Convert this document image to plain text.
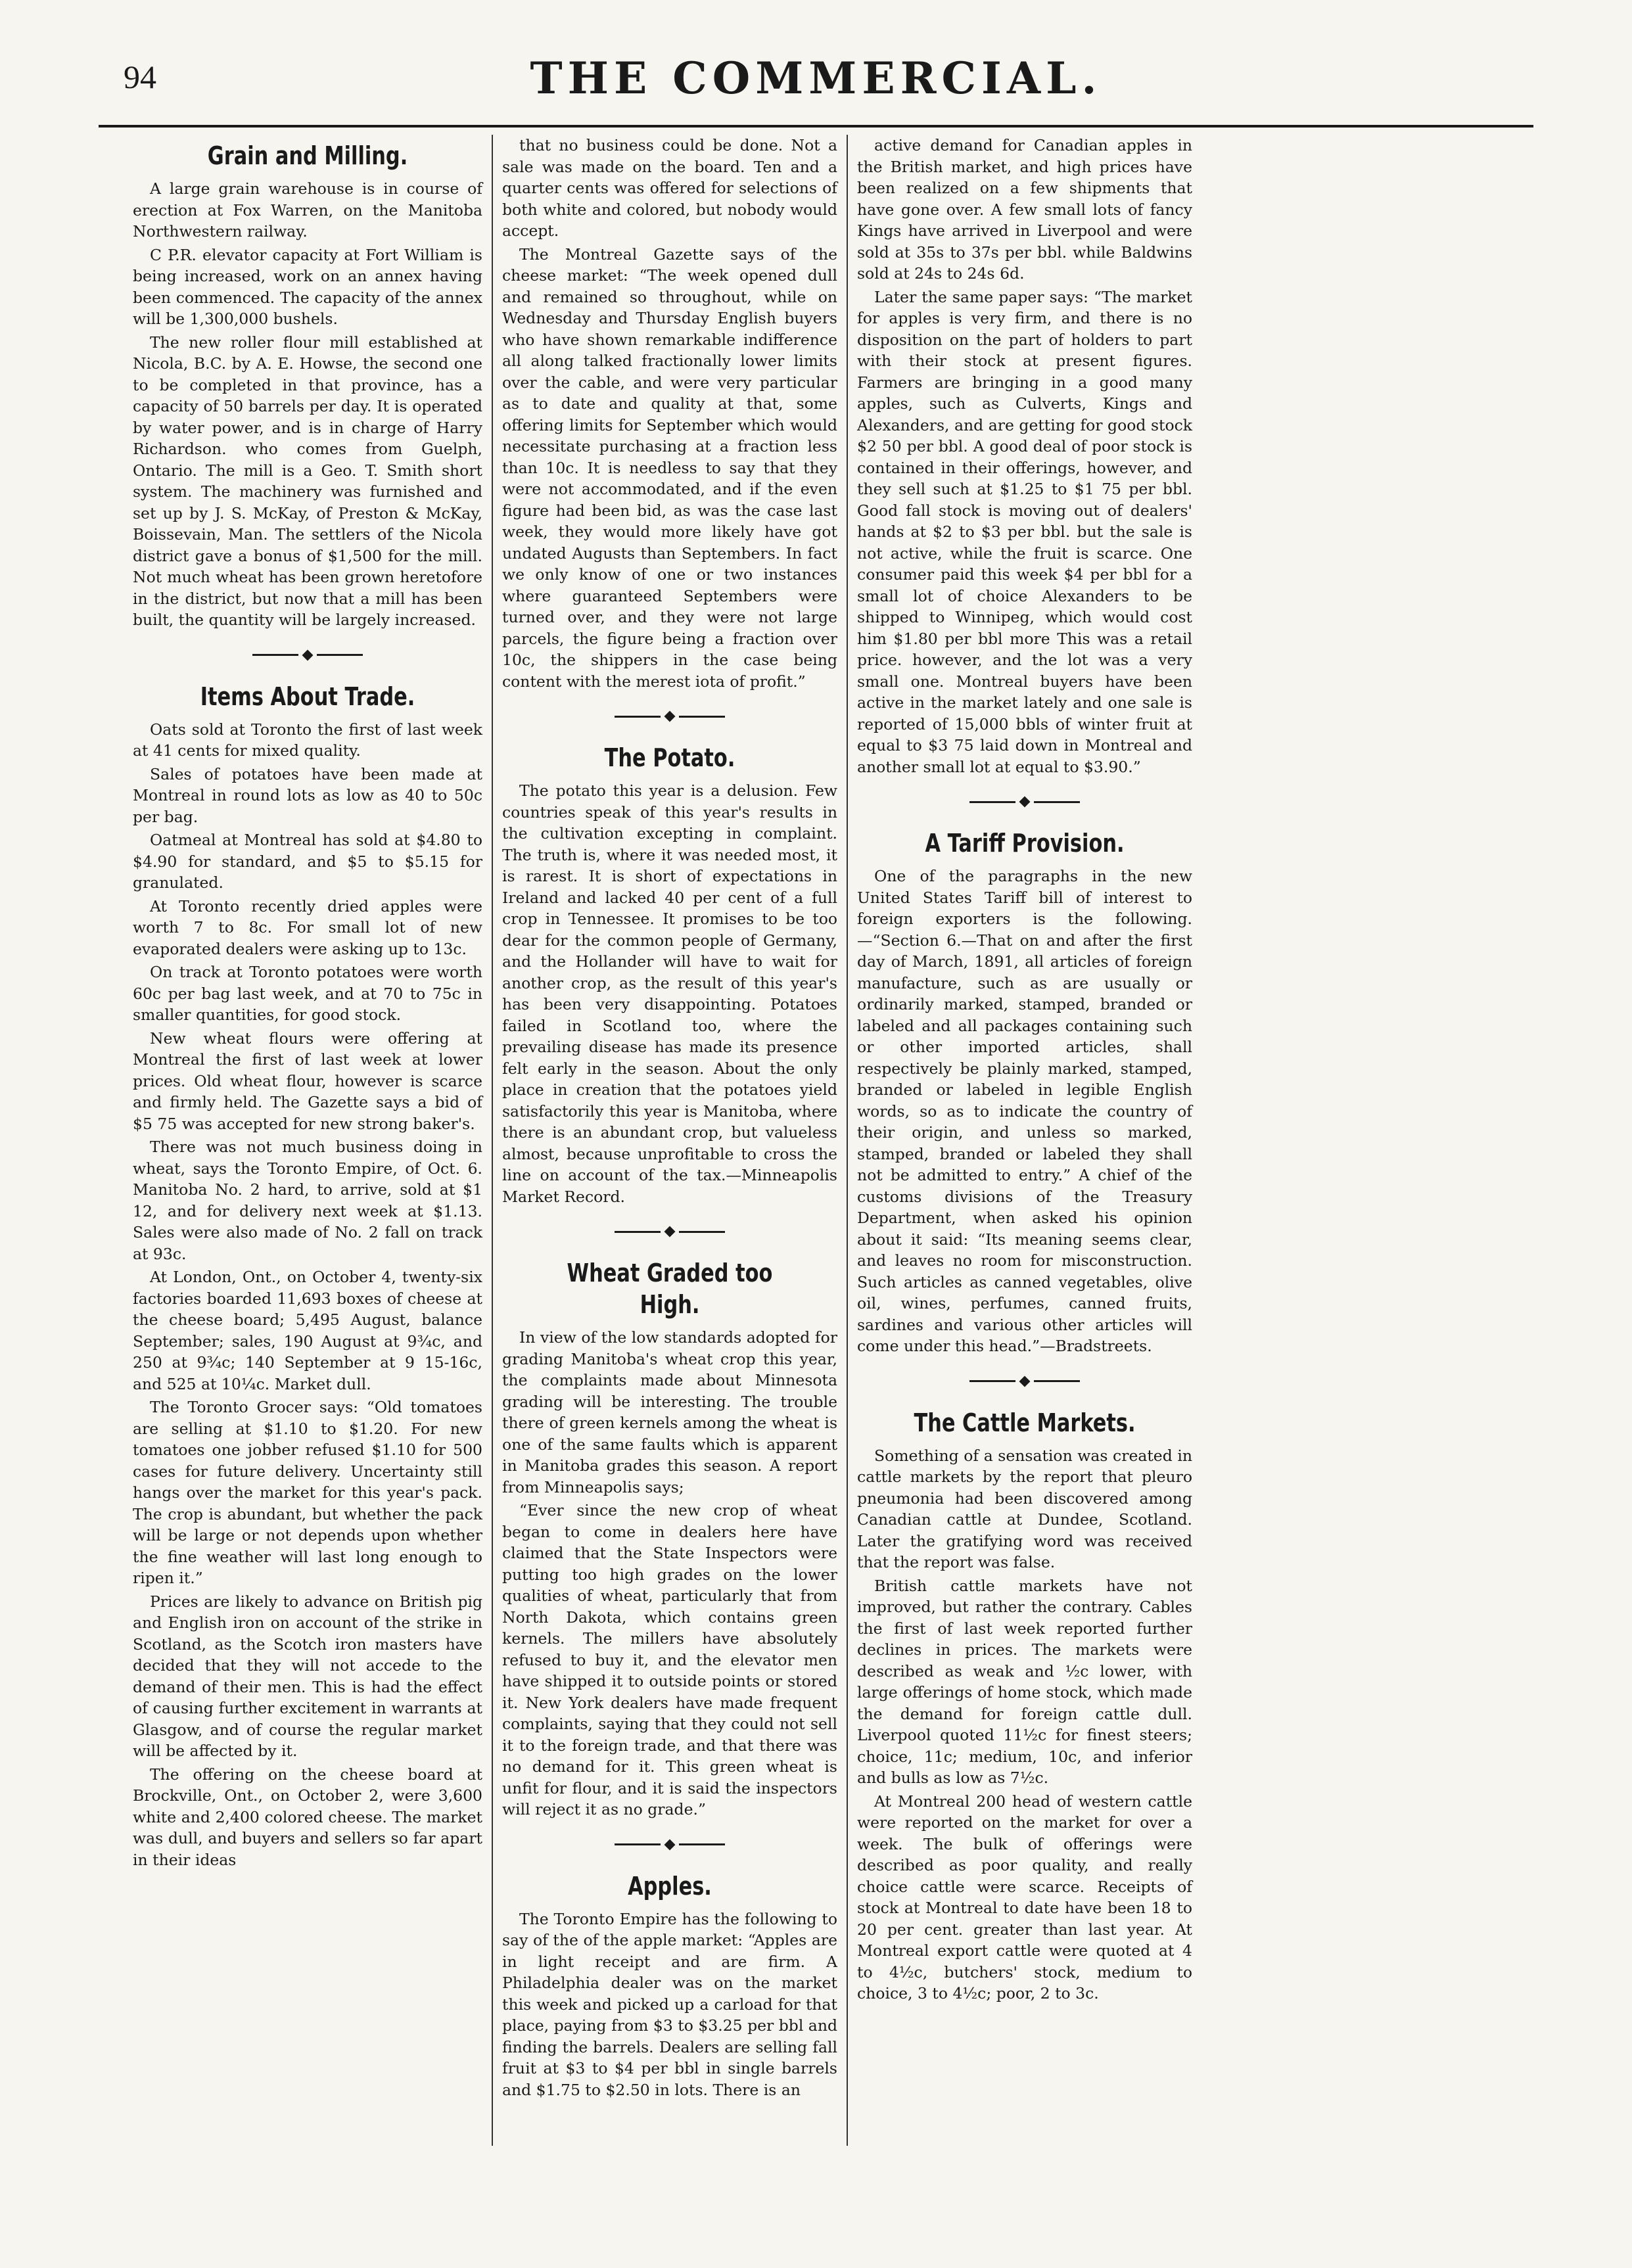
94	THE COMMERCIAL.
Grain and Milling.

A large grain warehouse is in course of erection at Fox Warren, on the Manitoba Northwestern railway.

C P.R. elevator capacity at Fort William is being increased, work on an annex having been commenced. The capacity of the annex will be 1,300,000 bushels.

The new roller flour mill established at Nicola, B.C. by A. E. Howse, the second one to be completed in that province, has a capacity of 50 barrels per day. It is operated by water power, and is in charge of Harry Richardson. who comes from Guelph, Ontario. The mill is a Geo. T. Smith short system. The machinery was furnished and set up by J. S. McKay, of Preston & McKay, Boissevain, Man. The settlers of the Nicola district gave a bonus of $1,500 for the mill. Not much wheat has been grown heretofore in the district, but now that a mill has been built, the quantity will be largely increased.

Items About Trade.

Oats sold at Toronto the first of last week at 41 cents for mixed quality.

Sales of potatoes have been made at Montreal in round lots as low as 40 to 50c per bag.

Oatmeal at Montreal has sold at $4.80 to $4.90 for standard, and $5 to $5.15 for granulated.

At Toronto recently dried apples were worth 7 to 8c. For small lot of new evaporated dealers were asking up to 13c.

On track at Toronto potatoes were worth 60c per bag last week, and at 70 to 75c in smaller quantities, for good stock.

New wheat flours were offering at Montreal the first of last week at lower prices. Old wheat flour, however is scarce and firmly held. The Gazette says a bid of $5 75 was accepted for new strong baker's.

There was not much business doing in wheat, says the Toronto Empire, of Oct. 6. Manitoba No. 2 hard, to arrive, sold at $1 12, and for delivery next week at $1.13. Sales were also made of No. 2 fall on track at 93c.

At London, Ont., on October 4, twenty-six factories boarded 11,693 boxes of cheese at the cheese board; 5,495 August, balance September; sales, 190 August at 9¾c, and 250 at 9¾c; 140 September at 9 15-16c, and 525 at 10¼c. Market dull.

The Toronto Grocer says: “Old tomatoes are selling at $1.10 to $1.20. For new tomatoes one jobber refused $1.10 for 500 cases for future delivery. Uncertainty still hangs over the market for this year's pack. The crop is abundant, but whether the pack will be large or not depends upon whether the fine weather will last long enough to ripen it.”

Prices are likely to advance on British pig and English iron on account of the strike in Scotland, as the Scotch iron masters have decided that they will not accede to the demand of their men. This is had the effect of causing further excitement in warrants at Glasgow, and of course the regular market will be affected by it.

The offering on the cheese board at Brockville, Ont., on October 2, were 3,600 white and 2,400 colored cheese. The market was dull, and buyers and sellers so far apart in their ideas

that no business could be done. Not a sale was made on the board. Ten and a quarter cents was offered for selections of both white and colored, but nobody would accept.

The Montreal Gazette says of the cheese market: “The week opened dull and remained so throughout, while on Wednesday and Thursday English buyers who have shown remarkable indifference all along talked fractionally lower limits over the cable, and were very particular as to date and quality at that, some offering limits for September which would necessitate purchasing at a fraction less than 10c. It is needless to say that they were not accommodated, and if the even figure had been bid, as was the case last week, they would more likely have got undated Augusts than Septembers. In fact we only know of one or two instances where guaranteed Septembers were turned over, and they were not large parcels, the figure being a fraction over 10c, the shippers in the case being content with the merest iota of profit.”

The Potato.

The potato this year is a delusion. Few countries speak of this year's results in the cultivation excepting in complaint. The truth is, where it was needed most, it is rarest. It is short of expectations in Ireland and lacked 40 per cent of a full crop in Tennessee. It promises to be too dear for the common people of Germany, and the Hollander will have to wait for another crop, as the result of this year's has been very disappointing. Potatoes failed in Scotland too, where the prevailing disease has made its presence felt early in the season. About the only place in creation that the potatoes yield satisfactorily this year is Manitoba, where there is an abundant crop, but valueless almost, because unprofitable to cross the line on account of the tax.—Minneapolis Market Record.

Wheat Graded too High.

In view of the low standards adopted for grading Manitoba's wheat crop this year, the complaints made about Minnesota grading will be interesting. The trouble there of green kernels among the wheat is one of the same faults which is apparent in Manitoba grades this season. A report from Minneapolis says;

“Ever since the new crop of wheat began to come in dealers here have claimed that the State Inspectors were putting too high grades on the lower qualities of wheat, particularly that from North Dakota, which contains green kernels. The millers have absolutely refused to buy it, and the elevator men have shipped it to outside points or stored it. New York dealers have made frequent complaints, saying that they could not sell it to the foreign trade, and that there was no demand for it. This green wheat is unfit for flour, and it is said the inspectors will reject it as no grade.”

Apples.

The Toronto Empire has the following to say of the of the apple market: “Apples are in light receipt and are firm. A Philadelphia dealer was on the market this week and picked up a carload for that place, paying from $3 to $3.25 per bbl and finding the barrels. Dealers are selling fall fruit at $3 to $4 per bbl in single barrels and $1.75 to $2.50 in lots. There is an

active demand for Canadian apples in the British market, and high prices have been realized on a few shipments that have gone over. A few small lots of fancy Kings have arrived in Liverpool and were sold at 35s to 37s per bbl. while Baldwins sold at 24s to 24s 6d.

Later the same paper says: “The market for apples is very firm, and there is no disposition on the part of holders to part with their stock at present figures. Farmers are bringing in a good many apples, such as Culverts, Kings and Alexanders, and are getting for good stock $2 50 per bbl. A good deal of poor stock is contained in their offerings, however, and they sell such at $1.25 to $1 75 per bbl. Good fall stock is moving out of dealers' hands at $2 to $3 per bbl. but the sale is not active, while the fruit is scarce. One consumer paid this week $4 per bbl for a small lot of choice Alexanders to be shipped to Winnipeg, which would cost him $1.80 per bbl more This was a retail price. however, and the lot was a very small one. Montreal buyers have been active in the market lately and one sale is reported of 15,000 bbls of winter fruit at equal to $3 75 laid down in Montreal and another small lot at equal to $3.90.”

A Tariff Provision.

One of the paragraphs in the new United States Tariff bill of interest to foreign exporters is the following.—“Section 6.—That on and after the first day of March, 1891, all articles of foreign manufacture, such as are usually or ordinarily marked, stamped, branded or labeled and all packages containing such or other imported articles, shall respectively be plainly marked, stamped, branded or labeled in legible English words, so as to indicate the country of their origin, and unless so marked, stamped, branded or labeled they shall not be admitted to entry.” A chief of the customs divisions of the Treasury Department, when asked his opinion about it said: “Its meaning seems clear, and leaves no room for misconstruction. Such articles as canned vegetables, olive oil, wines, perfumes, canned fruits, sardines and various other articles will come under this head.”—Bradstreets.

The Cattle Markets.

Something of a sensation was created in cattle markets by the report that pleuro pneumonia had been discovered among Canadian cattle at Dundee, Scotland. Later the gratifying word was received that the report was false.

British cattle markets have not improved, but rather the contrary. Cables the first of last week reported further declines in prices. The markets were described as weak and ½c lower, with large offerings of home stock, which made the demand for foreign cattle dull. Liverpool quoted 11½c for finest steers; choice, 11c; medium, 10c, and inferior and bulls as low as 7½c.

At Montreal 200 head of western cattle were reported on the market for over a week. The bulk of offerings were described as poor quality, and really choice cattle were scarce. Receipts of stock at Montreal to date have been 18 to 20 per cent. greater than last year. At Montreal export cattle were quoted at 4 to 4½c, butchers' stock, medium to choice, 3 to 4½c; poor, 2 to 3c.
